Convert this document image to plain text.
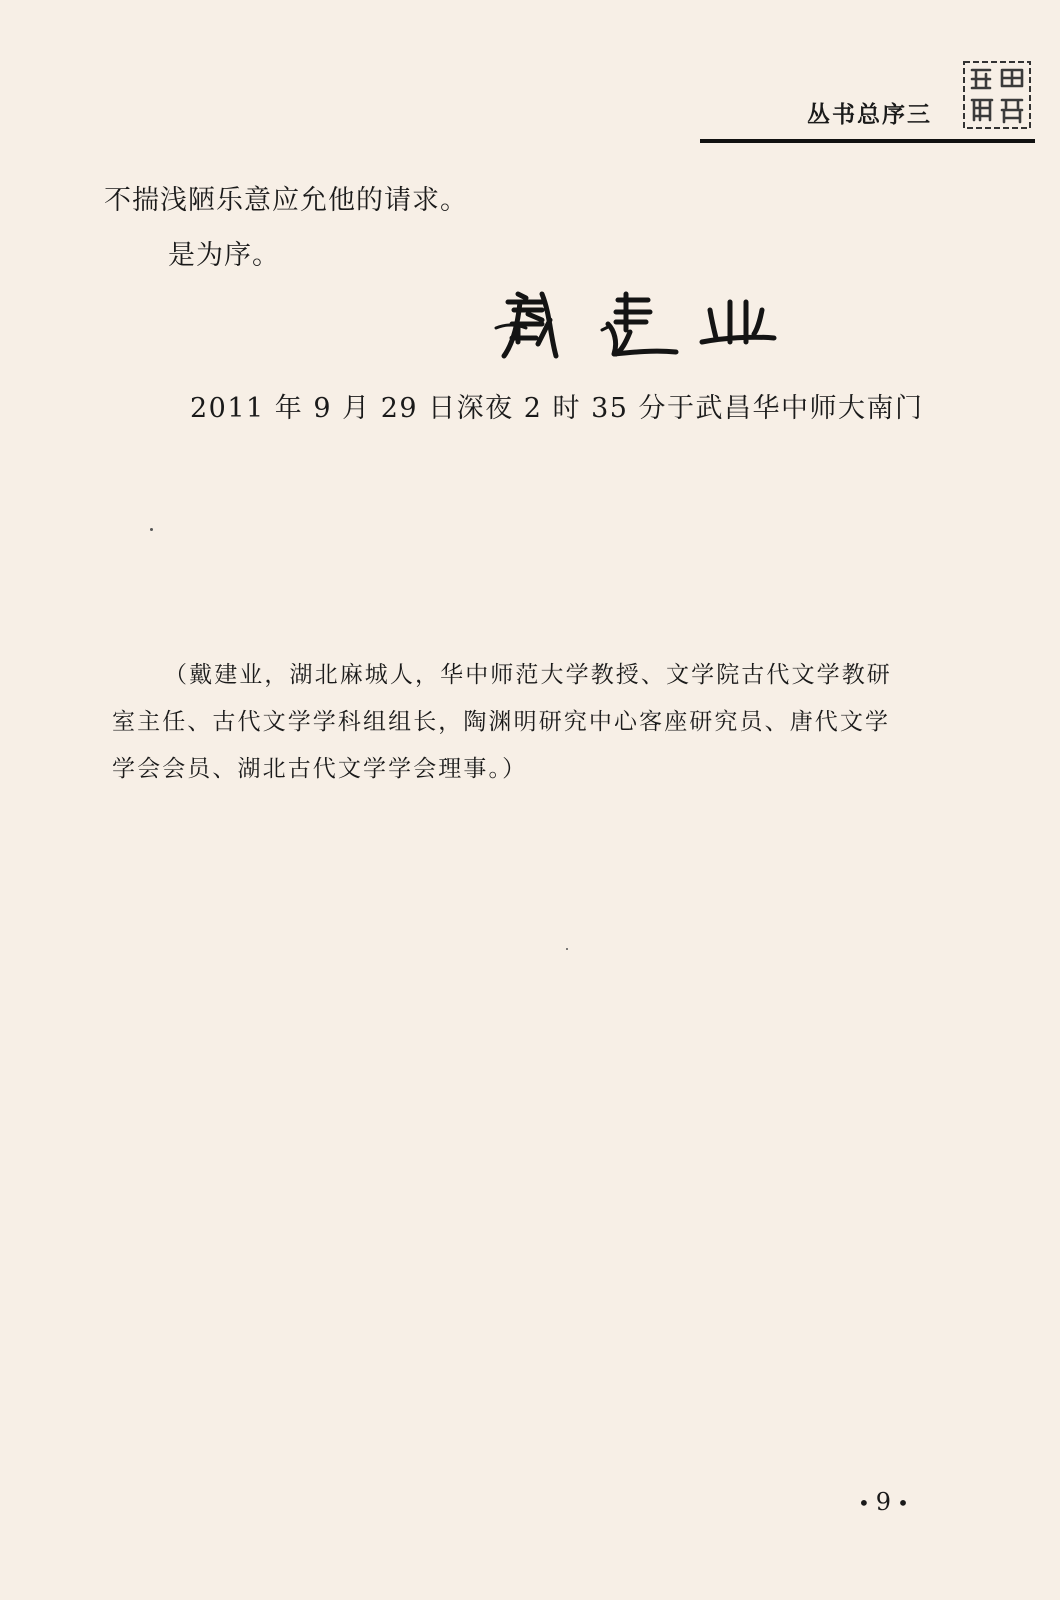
丛书总序三
不揣浅陋乐意应允他的请求。
是为序。
2011 年 9 月 29 日深夜 2 时 35 分于武昌华中师大南门
（戴建业，湖北麻城人，华中师范大学教授、文学院古代文学教研
室主任、古代文学学科组组长，陶渊明研究中心客座研究员、唐代文学
学会会员、湖北古代文学学会理事。）
• 9 •
